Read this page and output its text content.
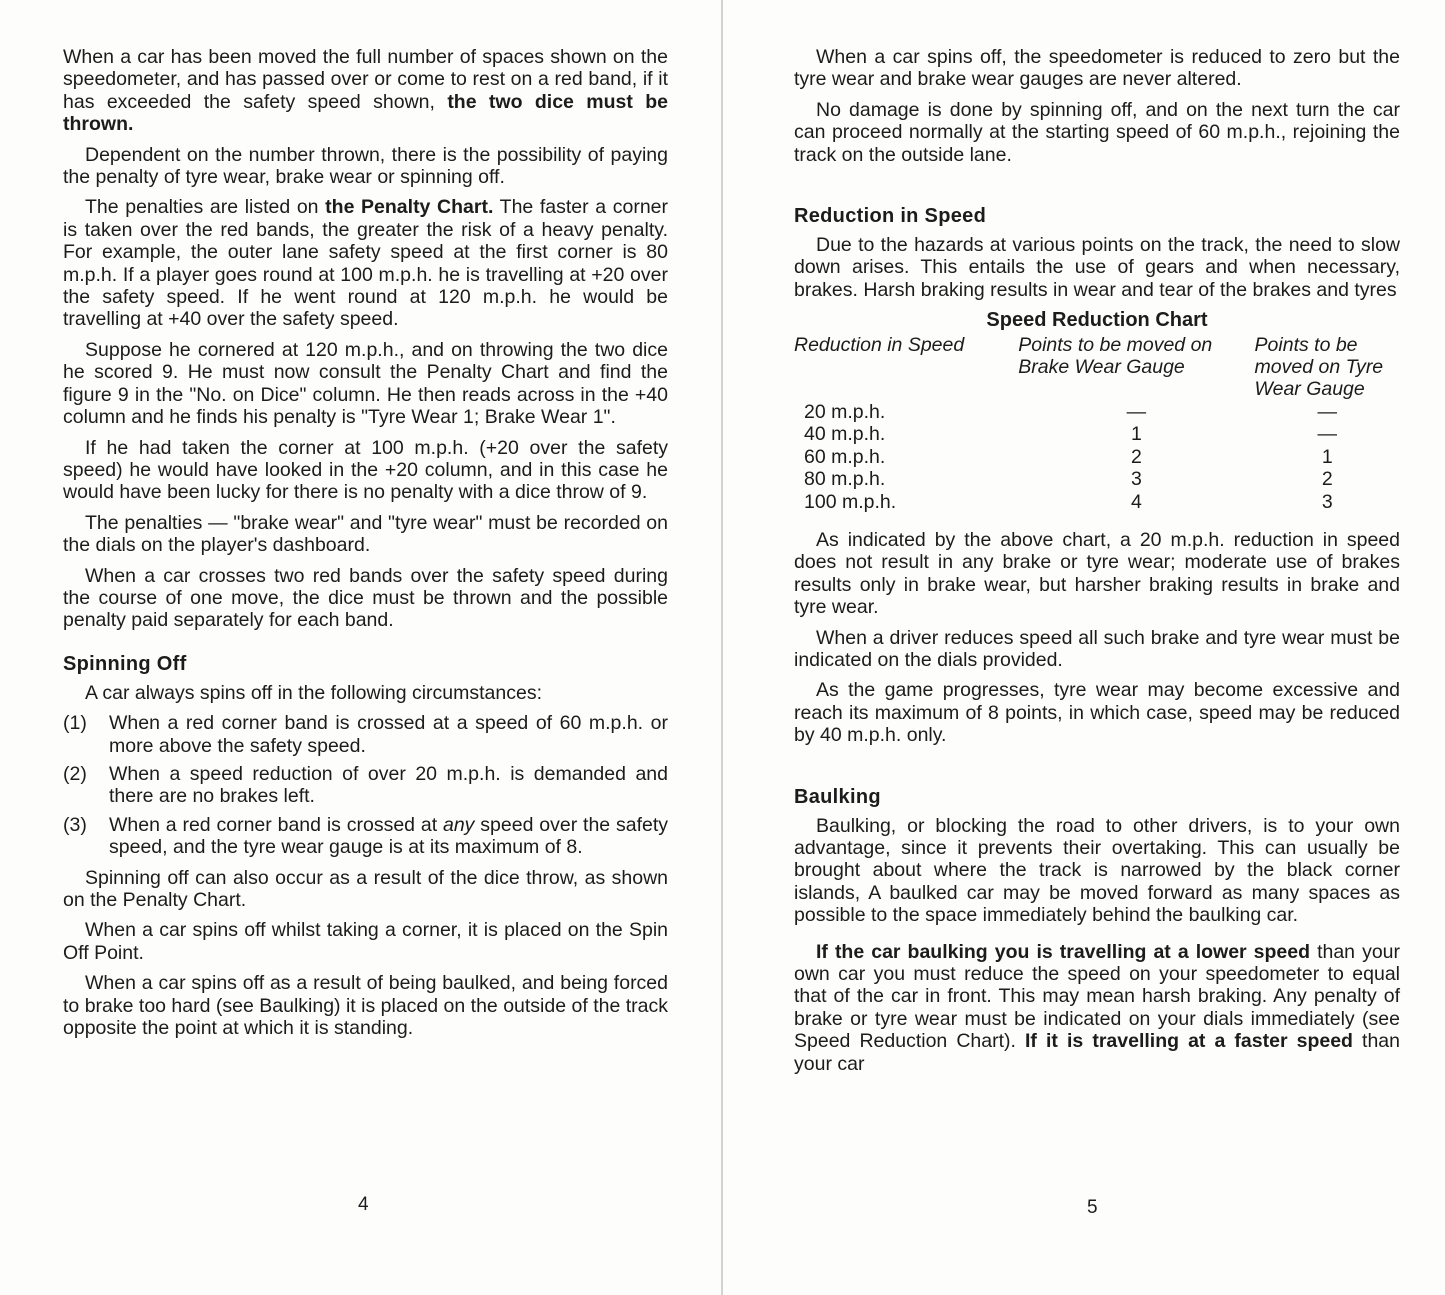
When a car has been moved the full number of spaces shown on the speedometer, and has passed over or come to rest on a red band, if it has exceeded the safety speed shown, the two dice must be thrown.

Dependent on the number thrown, there is the possibility of paying the penalty of tyre wear, brake wear or spinning off.

The penalties are listed on the Penalty Chart. The faster a corner is taken over the red bands, the greater the risk of a heavy penalty. For example, the outer lane safety speed at the first corner is 80 m.p.h. If a player goes round at 100 m.p.h. he is travelling at +20 over the safety speed. If he went round at 120 m.p.h. he would be travelling at +40 over the safety speed.

Suppose he cornered at 120 m.p.h., and on throwing the two dice he scored 9. He must now consult the Penalty Chart and find the figure 9 in the "No. on Dice" column. He then reads across in the +40 column and he finds his penalty is "Tyre Wear 1; Brake Wear 1".

If he had taken the corner at 100 m.p.h. (+20 over the safety speed) he would have looked in the +20 column, and in this case he would have been lucky for there is no penalty with a dice throw of 9.

The penalties — "brake wear" and "tyre wear" must be recorded on the dials on the player's dashboard.

When a car crosses two red bands over the safety speed during the course of one move, the dice must be thrown and the possible penalty paid separately for each band.

Spinning Off

A car always spins off in the following circumstances:

(1) When a red corner band is crossed at a speed of 60 m.p.h. or more above the safety speed.
(2) When a speed reduction of over 20 m.p.h. is demanded and there are no brakes left.
(3) When a red corner band is crossed at any speed over the safety speed, and the tyre wear gauge is at its maximum of 8.

Spinning off can also occur as a result of the dice throw, as shown on the Penalty Chart.

When a car spins off whilst taking a corner, it is placed on the Spin Off Point.

When a car spins off as a result of being baulked, and being forced to brake too hard (see Baulking) it is placed on the outside of the track opposite the point at which it is standing.

4

When a car spins off, the speedometer is reduced to zero but the tyre wear and brake wear gauges are never altered.

No damage is done by spinning off, and on the next turn the car can proceed normally at the starting speed of 60 m.p.h., rejoining the track on the outside lane.

Reduction in Speed

Due to the hazards at various points on the track, the need to slow down arises. This entails the use of gears and when necessary, brakes. Harsh braking results in wear and tear of the brakes and tyres

Speed Reduction Chart
Reduction in Speed	Points to be moved on Brake Wear Gauge	Points to be moved on Tyre Wear Gauge
20 m.p.h.	—	—
40 m.p.h.	1	—
60 m.p.h.	2	1
80 m.p.h.	3	2
100 m.p.h.	4	3

As indicated by the above chart, a 20 m.p.h. reduction in speed does not result in any brake or tyre wear; moderate use of brakes results only in brake wear, but harsher braking results in brake and tyre wear.

When a driver reduces speed all such brake and tyre wear must be indicated on the dials provided.

As the game progresses, tyre wear may become excessive and reach its maximum of 8 points, in which case, speed may be reduced by 40 m.p.h. only.

Baulking

Baulking, or blocking the road to other drivers, is to your own advantage, since it prevents their overtaking. This can usually be brought about where the track is narrowed by the black corner islands, A baulked car may be moved forward as many spaces as possible to the space immediately behind the baulking car.

If the car baulking you is travelling at a lower speed than your own car you must reduce the speed on your speedometer to equal that of the car in front. This may mean harsh braking. Any penalty of brake or tyre wear must be indicated on your dials immediately (see Speed Reduction Chart). If it is travelling at a faster speed than your car

5
